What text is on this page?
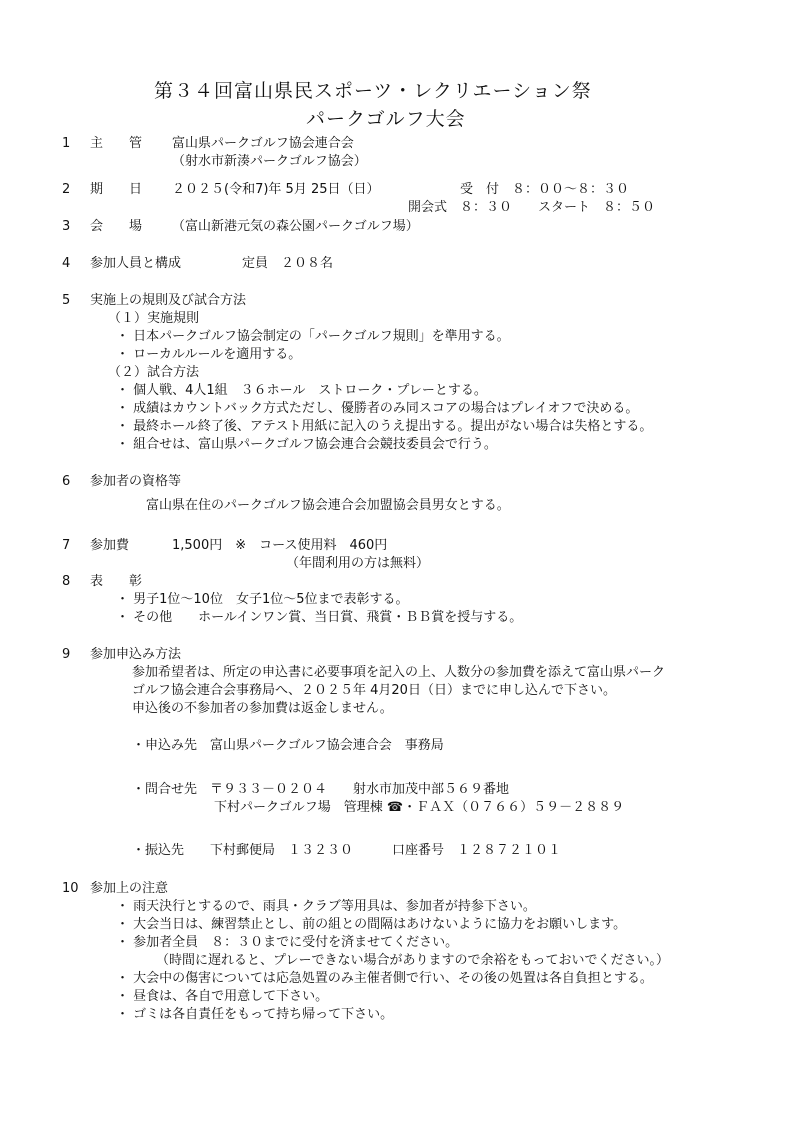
第３４回富山県民スポーツ・レクリエーション祭
パークゴルフ大会
1 主　　管 富山県パークゴルフ協会連合会
（射水市新湊パークゴルフ協会）
2 期　　日 ２０２５(令和7)年 5月 25日（日）	受　付　８：００～８：３０
開会式　８：３０　　スタート　８：５０
3 会　　場 （富山新港元気の森公園パークゴルフ場）
4 参加人員と構成	定員　２０８名
5 実施上の規則及び試合方法
（１）実施規則
・ 日本パークゴルフ協会制定の「パークゴルフ規則」を準用する。
・ ローカルルールを適用する。
（２）試合方法
・ 個人戦、4人1組　３６ホール　ストローク・プレーとする。
・ 成績はカウントバック方式ただし、優勝者のみ同スコアの場合はプレイオフで決める。
・ 最終ホール終了後、アテスト用紙に記入のうえ提出する。提出がない場合は失格とする。
・ 組合せは、富山県パークゴルフ協会連合会競技委員会で行う。
6 参加者の資格等
富山県在住のパークゴルフ協会連合会加盟協会員男女とする。
7 参加費	1,500円　※　コース使用料　460円
（年間利用の方は無料）
8 表　　彰
・ 男子1位～10位　女子1位～5位まで表彰する。
・ その他　　ホールインワン賞、当日賞、飛賞・ＢＢ賞を授与する。
9 参加申込み方法
参加希望者は、所定の申込書に必要事項を記入の上、人数分の参加費を添えて富山県パーク
ゴルフ協会連合会事務局へ、２０２５年 4月20日（日）までに申し込んで下さい。
申込後の不参加者の参加費は返金しません。
・申込み先　富山県パークゴルフ協会連合会　事務局
・問合せ先　〒９３３－０２０４　　射水市加茂中部５６９番地
下村パークゴルフ場　管理棟 ☎・ＦＡＸ（０７６６）５９－２８８９
・振込先　　下村郵便局　１３２３０　　　口座番号　１２８７２１０１
10 参加上の注意
・ 雨天決行とするので、雨具・クラブ等用具は、参加者が持参下さい。
・ 大会当日は、練習禁止とし、前の組との間隔はあけないように協力をお願いします。
・ 参加者全員　８：３０までに受付を済ませてください。
（時間に遅れると、プレーできない場合がありますので余裕をもっておいでください。）
・ 大会中の傷害については応急処置のみ主催者側で行い、その後の処置は各自負担とする。
・ 昼食は、各自で用意して下さい。
・ ゴミは各自責任をもって持ち帰って下さい。
